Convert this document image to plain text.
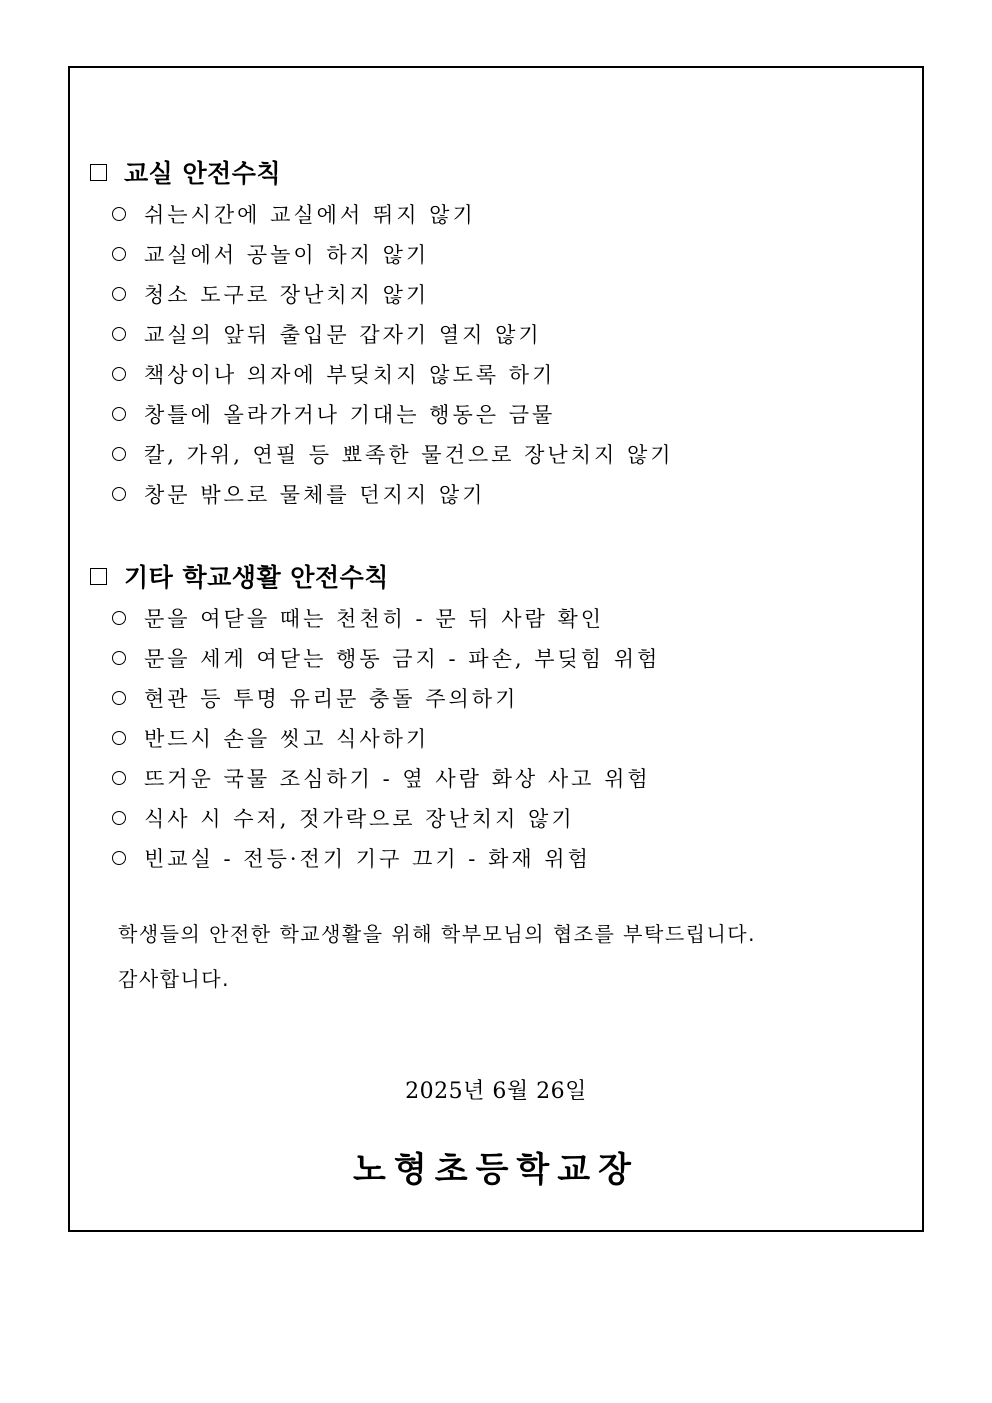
교실 안전수칙
쉬는시간에 교실에서 뛰지 않기
교실에서 공놀이 하지 않기
청소 도구로 장난치지 않기
교실의 앞뒤 출입문 갑자기 열지 않기
책상이나 의자에 부딪치지 않도록 하기
창틀에 올라가거나 기대는 행동은 금물
칼, 가위, 연필 등 뾰족한 물건으로 장난치지 않기
창문 밖으로 물체를 던지지 않기
기타 학교생활 안전수칙
문을 여닫을 때는 천천히 - 문 뒤 사람 확인
문을 세게 여닫는 행동 금지 - 파손, 부딪힘 위험
현관 등 투명 유리문 충돌 주의하기
반드시 손을 씻고 식사하기
뜨거운 국물 조심하기 - 옆 사람 화상 사고 위험
식사 시 수저, 젓가락으로 장난치지 않기
빈교실 - 전등·전기 기구 끄기 - 화재 위험

학생들의 안전한 학교생활을 위해 학부모님의 협조를 부탁드립니다.

감사합니다.

2025년 6월 26일
노형초등학교장
